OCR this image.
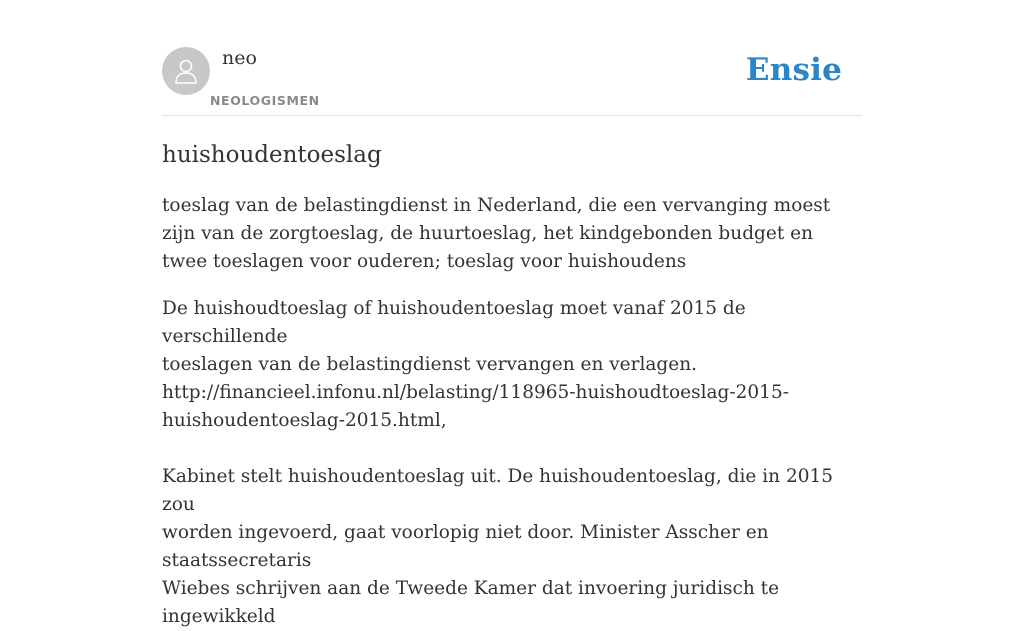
neo
NEOLOGISMEN
Ensie
huishoudentoeslag

toeslag van de belastingdienst in Nederland, die een vervanging moest zijn van de zorgtoeslag, de huurtoeslag, het kindgebonden budget en twee toeslagen voor ouderen; toeslag voor huishoudens

De huishoudtoeslag of huishoudentoeslag moet vanaf 2015 de verschillende
toeslagen van de belastingdienst vervangen en verlagen.
http://financieel.infonu.nl/belasting/118965-huishoudtoeslag-2015-
huishoudentoeslag-2015.html,
Kabinet stelt huishoudentoeslag uit. De huishoudentoeslag, die in 2015 zou
worden ingevoerd, gaat voorlopig niet door. Minister Asscher en staatssecretaris
Wiebes schrijven aan de Tweede Kamer dat invoering juridisch te ingewikkeld
